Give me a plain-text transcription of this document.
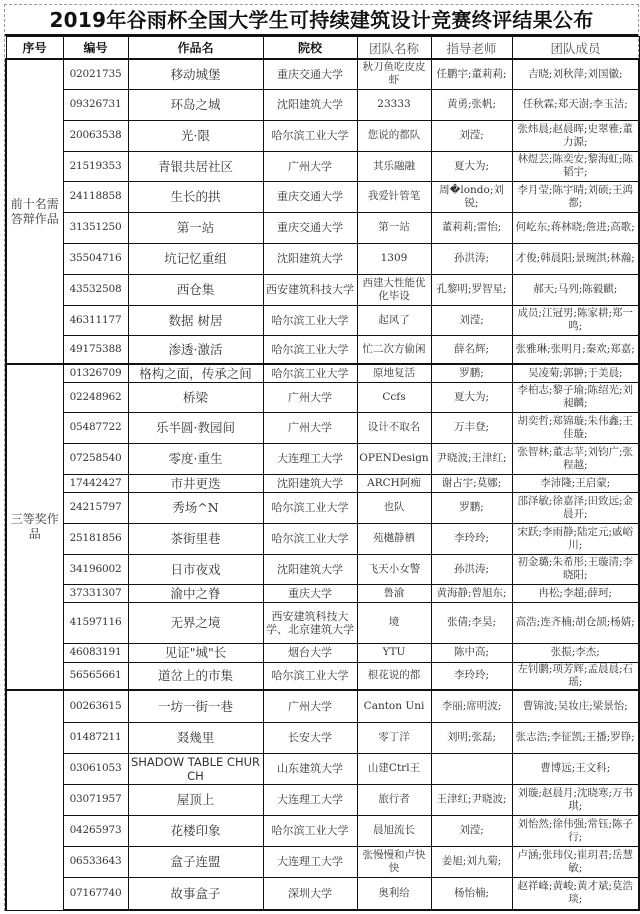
2019年谷雨杯全国大学生可持续建筑设计竞赛终评结果公布
序号	编号	作品名	院校	团队名称	指导老师	团队成员
前十名需答辩作品	02021735	移动城堡	重庆交通大学	秋刀鱼吃皮皮虾	任鹏宇;董莉莉;	吉晓;刘秋萍;刘国徽;
	09326731	环岛之城	沈阳建筑大学	23333	黄勇;张帆;	任秋霖;郑天澍;李玉洁;
	20063538	光·限	哈尔滨工业大学	您说的都队	刘滢;	张炜晨;赵晨晖;史翠雅;董力源;
	21519353	青银共居社区	广州大学	其乐融融	夏大为;	林煜芸;陈奕安;黎海虹;陈韬宇;
	24118858	生长的拱	重庆交通大学	我爱针管笔	周�londo;刘锐;	李月莹;陈宇晴;刘硕;王鸿都;
	31351250	第一站	重庆交通大学	第一站	董莉莉;雷怡;	何屹东;蒋林晓;詹进;高歌;
	35504716	坑记忆重组	沈阳建筑大学	1309	孙洪涛;	才俊;韩晨阳;景琬淇;林瀚;
	43532508	西仓集	西安建筑科技大学	西建大性能优化毕设	孔黎明;罗智星;	郝天;马列;陈毅麒;
	46311177	数据 树居	哈尔滨工业大学	起风了	刘滢;	成员;江冠男;陈家耕;郑一鸣;
	49175388	渗透·激活	哈尔滨工业大学	忙二次方偷闲	薛名辉;	张雅琳;张明月;秦欢;郑嘉;
三等奖作品	01326709	格构之面，传承之间	哈尔滨工业大学	原地复活	罗鹏;	吴凌菊;郭翀;于美晨;
	02248962	桥梁	广州大学	Ccfs	夏大为;	李柏志;黎子瑜;陈绍光;刘昶麟;
	05487722	乐半圆·教园间	广州大学	设计不取名	万丰登;	胡奕哲;郑锦璇;朱伟鑫;王佳璇;
	07258540	零度·重生	大连理工大学	OPENDesign	尹晓波;王津红;	张智林;董志苹;刘钧广;张程越;
	17442427	市井更迭	沈阳建筑大学	ARCH阿痴	谢占宇;莫娜;	李沛隆;王启蒙;
	24215797	秀场^N	哈尔滨工业大学	也队	罗鹏;	邵泽敏;徐嘉泽;田致远;金晨开;
	25181856	茶街里巷	哈尔滨工业大学	苑樾静栖	李玲玲;	宋跃;李雨静;陆定元;戚峪川;
	34196002	日市夜戏	沈阳建筑大学	飞天小女警	孙洪涛;	初金璐;朱希彤;王璇清;李晓阳;
	37331307	渝中之脊	重庆大学	鲁渝	黄海静;曾旭东;	冉松;李超;薛珂;
	41597116	无界之境	西安建筑科技大学、北京建筑大学	境	张倩;李昊;	高浩;连齐楠;胡仓颉;杨婧;
	46083191	见证"城"长	烟台大学	YTU	陈中高;	张振;李杰;
	56565661	道岔上的市集	哈尔滨工业大学	根花说的都	李玲玲;	左钊鹏;项芳辉;孟晨晨;石瑶;
	00263615	一坊一街一巷	广州大学	Canton Uni	李丽;席明波;	曹锦波;吴妆庄;梁景怡;
	01487211	叕幾里	长安大学	零丁洋	刘明;张磊;	张志浩;李征凯;王播;罗铮;
	03061053	SHADOW TABLE CHURCH	山东建筑大学	山建Ctrl王		曹博远;王文科;
	03071957	屋顶上	大连理工大学	旅行者	王津红;尹晓波;	刘璇;赵晨月;沈晓寒;万书琪;
	04265973	花楼印象	哈尔滨工业大学	晨旭流长	刘滢;	刘怡然;徐伟强;常钰;陈子行;
	06533643	盒子连盟	大连理工大学	张慢慢和卢快快	姜旭;刘九菊;	卢涵;张玮仪;崔玥君;岳慧敏;
	07167740	故事盒子	深圳大学	奥利给	杨怡楠;	赵祥峰;黄峻;黄才斌;莫浩琰;
